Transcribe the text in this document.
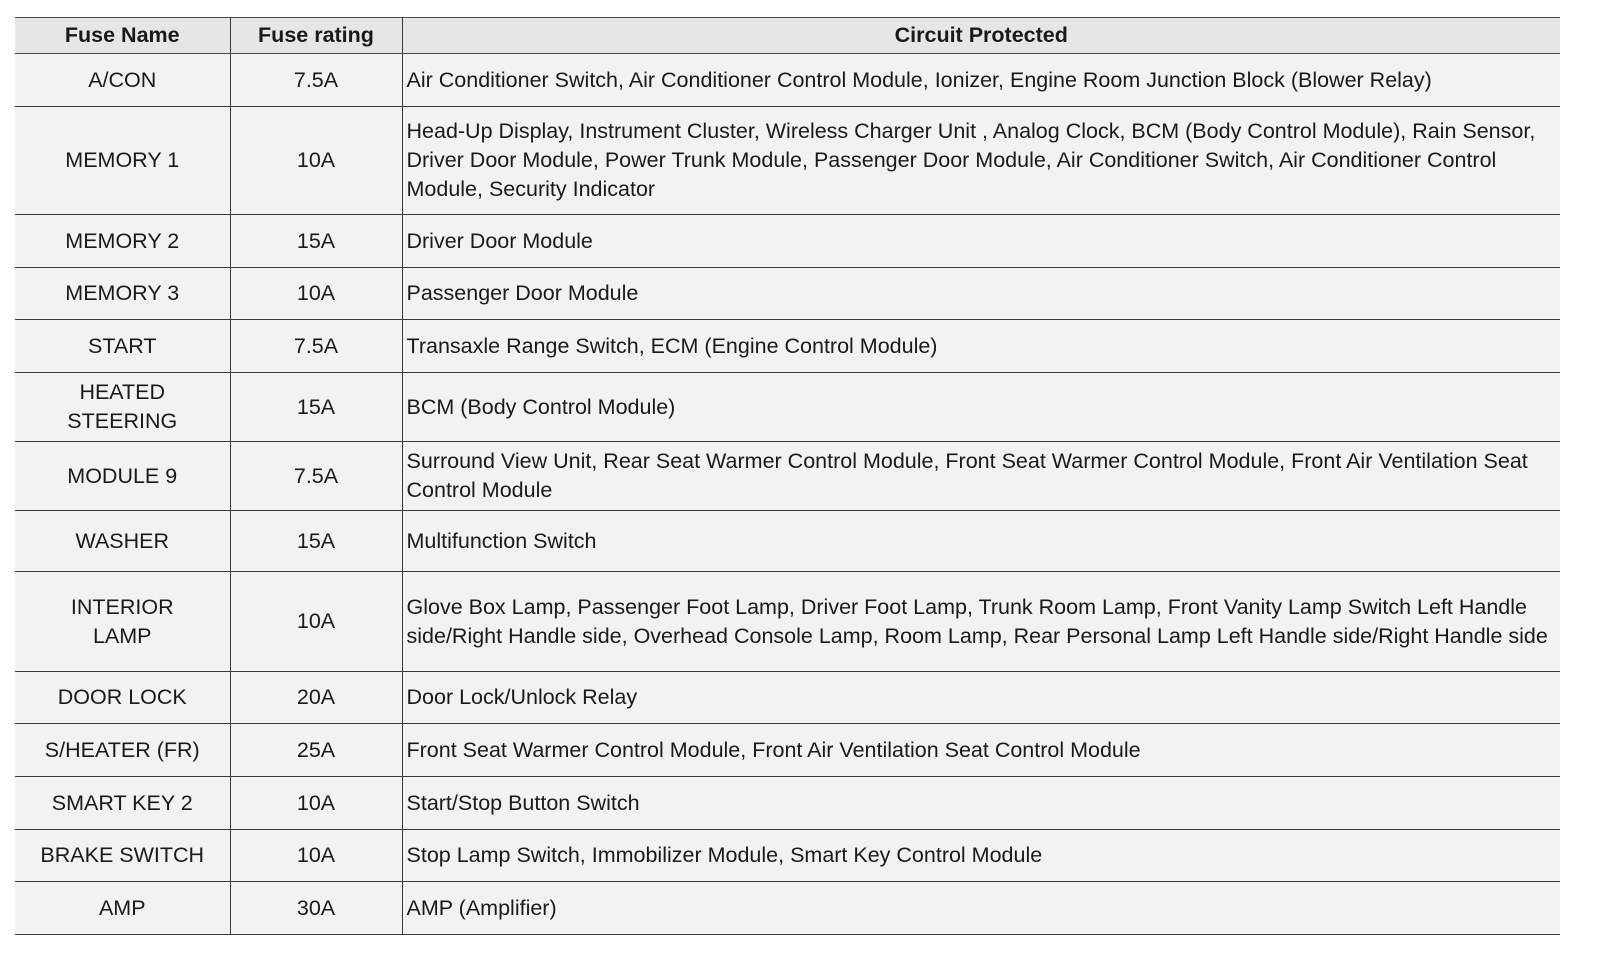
Fuse Name	Fuse rating	Circuit Protected
A/CON	7.5A	Air Conditioner Switch, Air Conditioner Control Module, Ionizer, Engine Room Junction Block (Blower Relay)
MEMORY 1	10A	Head-Up Display, Instrument Cluster, Wireless Charger Unit , Analog Clock, BCM (Body Control Module), Rain Sensor, Driver Door Module, Power Trunk Module, Passenger Door Module, Air Conditioner Switch, Air Conditioner Control Module, Security Indicator
MEMORY 2	15A	Driver Door Module
MEMORY 3	10A	Passenger Door Module
START	7.5A	Transaxle Range Switch, ECM (Engine Control Module)
HEATED STEERING	15A	BCM (Body Control Module)
MODULE 9	7.5A	Surround View Unit, Rear Seat Warmer Control Module, Front Seat Warmer Control Module, Front Air Ventilation Seat Control Module
WASHER	15A	Multifunction Switch
INTERIOR LAMP	10A	Glove Box Lamp, Passenger Foot Lamp, Driver Foot Lamp, Trunk Room Lamp, Front Vanity Lamp Switch Left Handle side/Right Handle side, Overhead Console Lamp, Room Lamp, Rear Personal Lamp Left Handle side/Right Handle side
DOOR LOCK	20A	Door Lock/Unlock Relay
S/HEATER (FR)	25A	Front Seat Warmer Control Module, Front Air Ventilation Seat Control Module
SMART KEY 2	10A	Start/Stop Button Switch
BRAKE SWITCH	10A	Stop Lamp Switch, Immobilizer Module, Smart Key Control Module
AMP	30A	AMP (Amplifier)
